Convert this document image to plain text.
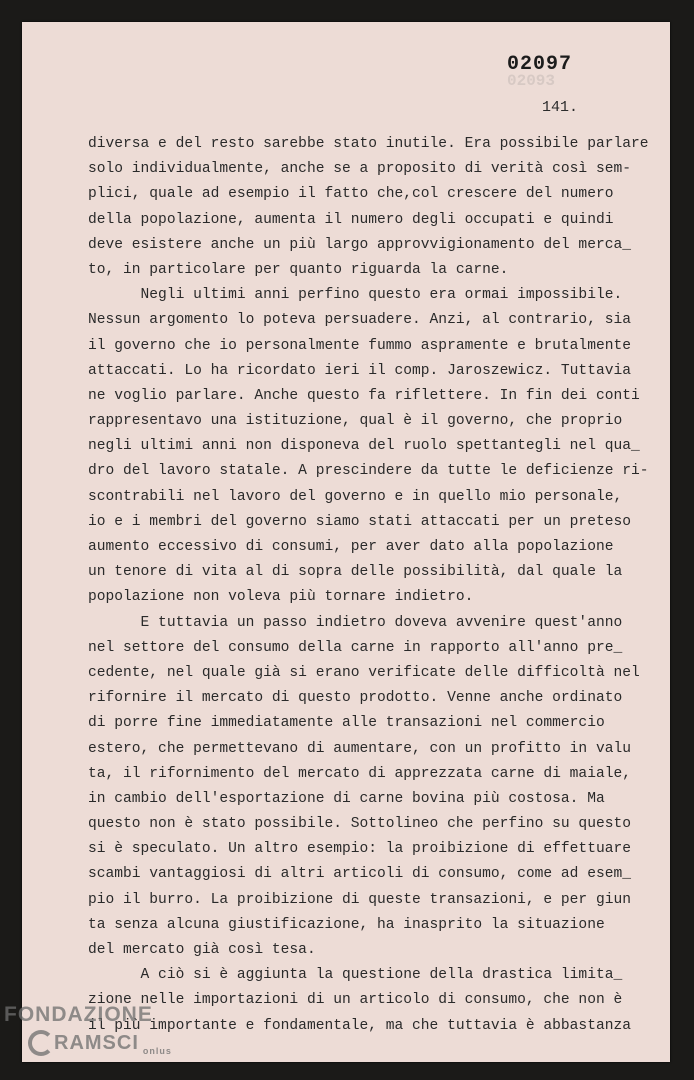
02093
02097
141.
diversa e del resto sarebbe stato inutile. Era possibile parlare
solo individualmente, anche se a proposito di verità così sem-
plici, quale ad esempio il fatto che,col crescere del numero
della popolazione, aumenta il numero degli occupati e quindi
deve esistere anche un più largo approvvigionamento del merca_
to, in particolare per quanto riguarda la carne.
Negli ultimi anni perfino questo era ormai impossibile.
Nessun argomento lo poteva persuadere. Anzi, al contrario, sia
il governo che io personalmente fummo aspramente e brutalmente
attaccati. Lo ha ricordato ieri il comp. Jaroszewicz. Tuttavia
ne voglio parlare. Anche questo fa riflettere. In fin dei conti
rappresentavo una istituzione, qual è il governo, che proprio
negli ultimi anni non disponeva del ruolo spettantegli nel qua_
dro del lavoro statale. A prescindere da tutte le deficienze ri-
scontrabili nel lavoro del governo e in quello mio personale,
io e i membri del governo siamo stati attaccati per un preteso
aumento eccessivo di consumi, per aver dato alla popolazione
un tenore di vita al di sopra delle possibilità, dal quale la
popolazione non voleva più tornare indietro.
E tuttavia un passo indietro doveva avvenire quest'anno
nel settore del consumo della carne in rapporto all'anno pre_
cedente, nel quale già si erano verificate delle difficoltà nel
rifornire il mercato di questo prodotto. Venne anche ordinato
di porre fine immediatamente alle transazioni nel commercio
estero, che permettevano di aumentare, con un profitto in valu
ta, il rifornimento del mercato di apprezzata carne di maiale,
in cambio dell'esportazione di carne bovina più costosa. Ma
questo non è stato possibile. Sottolineo che perfino su questo
si è speculato. Un altro esempio: la proibizione di effettuare
scambi vantaggiosi di altri articoli di consumo, come ad esem_
pio il burro. La proibizione di queste transazioni, e per giun
ta senza alcuna giustificazione, ha inasprito la situazione
del mercato già così tesa.
A ciò si è aggiunta la questione della drastica limita_
zione nelle importazioni di un articolo di consumo, che non è
il più importante e fondamentale, ma che tuttavia è abbastanza
FONDAZIONE
RAMSCI onlus
